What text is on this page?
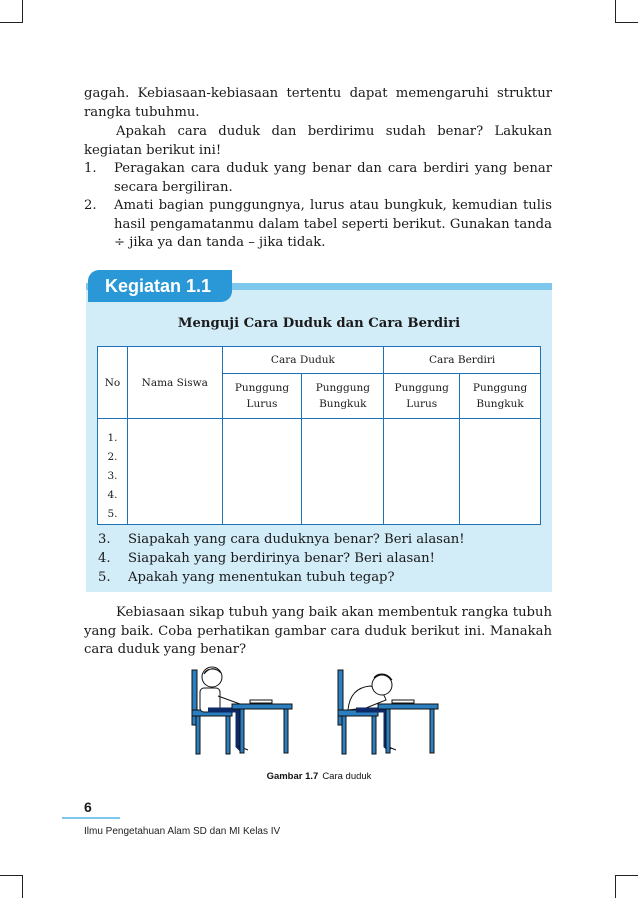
gagah. Kebiasaan-kebiasaan tertentu dapat memengaruhi struktur rangka tubuhmu.

Apakah cara duduk dan berdirimu sudah benar? Lakukan kegiatan berikut ini!

1. Peragakan cara duduk yang benar dan cara berdiri yang benar secara bergiliran.
2. Amati bagian punggungnya, lurus atau bungkuk, kemudian tulis hasil pengamatanmu dalam tabel seperti berikut. Gunakan tanda ÷ jika ya dan tanda – jika tidak.
Kegiatan 1.1
Menguji Cara Duduk dan Cara Berdiri
No	Nama Siswa	Cara Duduk		Cara Berdiri	
		Punggung Lurus	Punggung Bungkuk	Punggung Lurus	Punggung Bungkuk

1.
2.
3.
4.
5.					

3. Siapakah yang cara duduknya benar? Beri alasan!
4. Siapakah yang berdirinya benar? Beri alasan!
5. Apakah yang menentukan tubuh tegap?

Kebiasaan sikap tubuh yang baik akan membentuk rangka tubuh yang baik. Coba perhatikan gambar cara duduk berikut ini. Manakah cara duduk yang benar?

Gambar 1.7 Cara duduk
6
Ilmu Pengetahuan Alam SD dan MI Kelas IV
